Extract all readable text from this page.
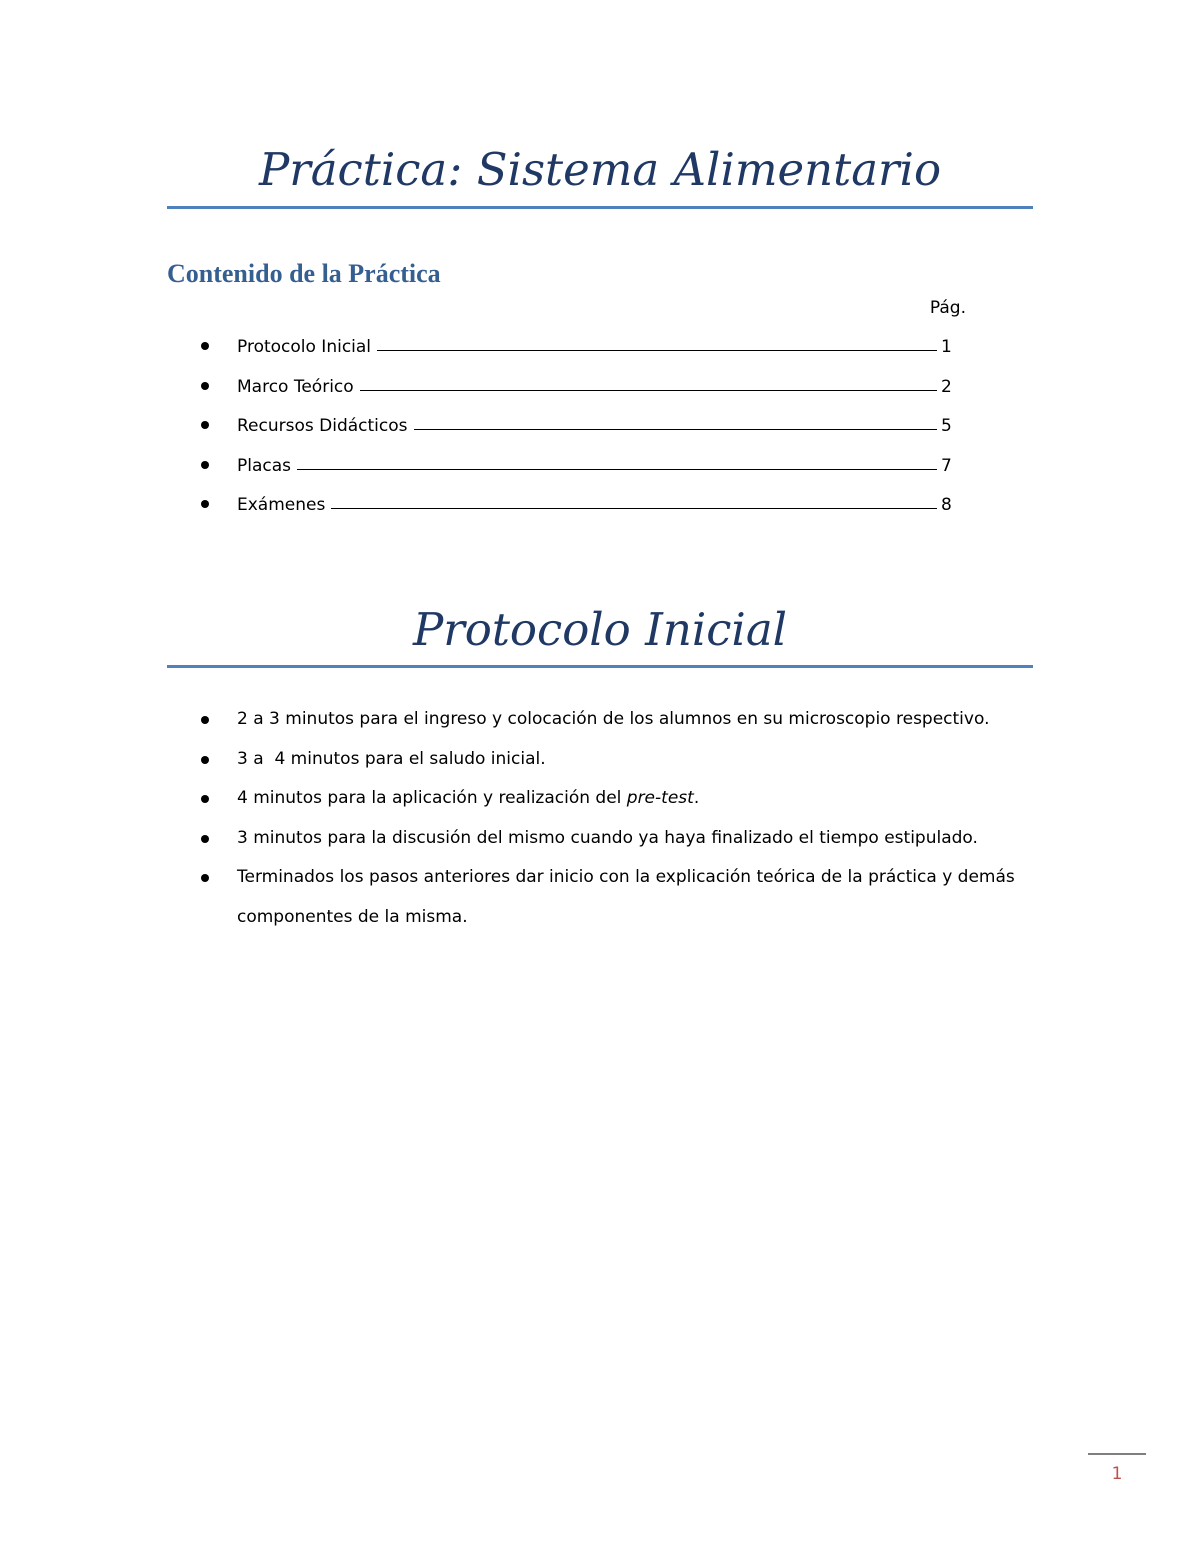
Práctica: Sistema Alimentario
Contenido de la Práctica
Pág.
Protocolo Inicial	1
Marco Teórico	2
Recursos Didácticos	5
Placas	7
Exámenes	8
Protocolo Inicial
2 a 3 minutos para el ingreso y colocación de los alumnos en su microscopio respectivo.
3 a  4 minutos para el saludo inicial.
4 minutos para la aplicación y realización del pre-test.
3 minutos para la discusión del mismo cuando ya haya finalizado el tiempo estipulado.
Terminados los pasos anteriores dar inicio con la explicación teórica de la práctica y demás componentes de la misma.
1
